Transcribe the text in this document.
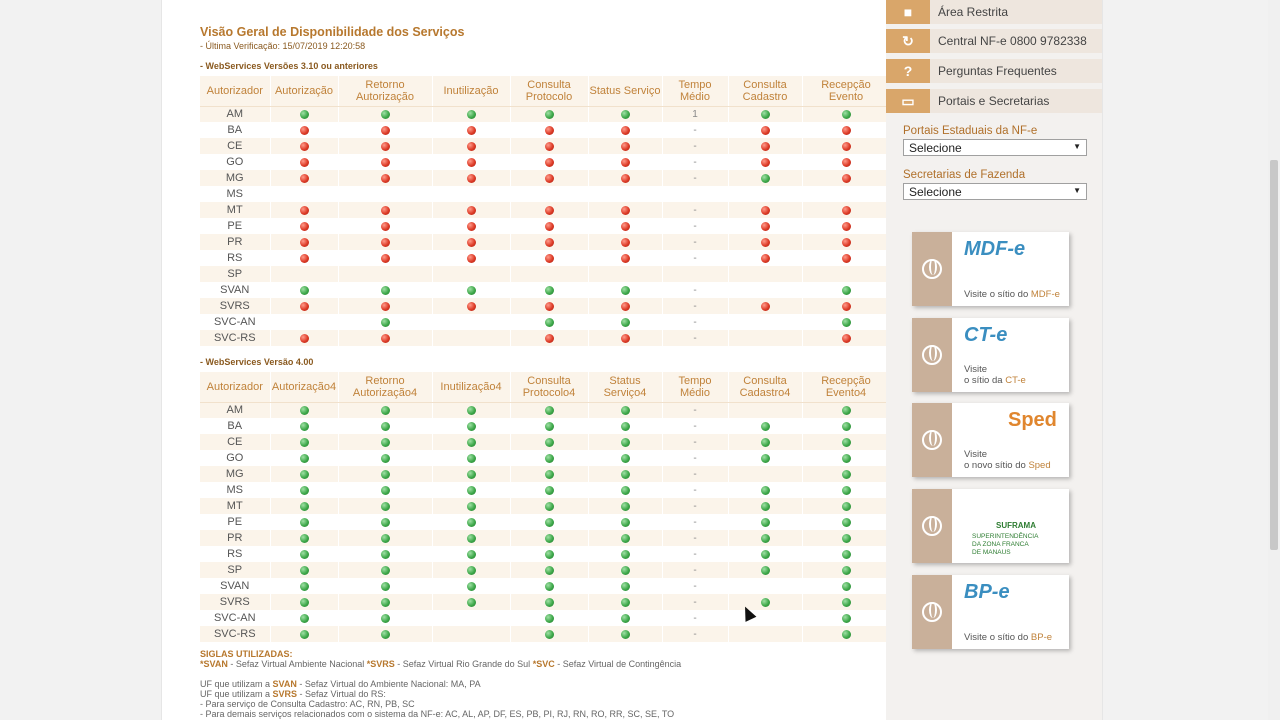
Visão Geral de Disponibilidade dos Serviços
- Última Verificação: 15/07/2019 12:20:58
- WebServices Versões 3.10 ou anteriores
Autorizador	Autorização	Retorno Autorização	Inutilização	Consulta Protocolo	Status Serviço	Tempo Médio	Consulta Cadastro	Recepção Evento
AM						1		
BA						-		
CE						-		
GO						-		
MG						-		
MS								
MT						-		
PE						-		
PR						-		
RS						-		
SP								
SVAN						-		
SVRS						-		
SVC-AN						-		
SVC-RS						-		
- WebServices Versão 4.00
Autorizador	Autorização4	Retorno Autorização4	Inutilização4	Consulta Protocolo4	Status Serviço4	Tempo Médio	Consulta Cadastro4	Recepção Evento4
AM						-		
BA						-		
CE						-		
GO						-		
MG						-		
MS						-		
MT						-		
PE						-		
PR						-		
RS						-		
SP						-		
SVAN						-		
SVRS						-		
SVC-AN						-		
SVC-RS						-		
SIGLAS UTILIZADAS:
*SVAN - Sefaz Virtual Ambiente Nacional *SVRS - Sefaz Virtual Rio Grande do Sul *SVC - Sefaz Virtual de Contingência
UF que utilizam a SVAN - Sefaz Virtual do Ambiente Nacional: MA, PA
UF que utilizam a SVRS - Sefaz Virtual do RS:
- Para serviço de Consulta Cadastro: AC, RN, PB, SC
- Para demais serviços relacionados com o sistema da NF-e: AC, AL, AP, DF, ES, PB, PI, RJ, RN, RO, RR, SC, SE, TO
■	Área Restrita
↻	Central NF-e 0800 9782338
?	Perguntas Frequentes
▭	Portais e Secretarias
Portais Estaduais da NF-e
Selecione	▼
Secretarias de Fazenda
Selecione	▼
MDF-e
Visite o sítio do MDF-e
CT-e
Visite
o sítio da CT-e
Sped
Visite
o novo sítio do Sped
SUFRAMA
SUPERINTENDÊNCIA
DA ZONA FRANCA
DE MANAUS
BP-e
Visite o sítio do BP-e
